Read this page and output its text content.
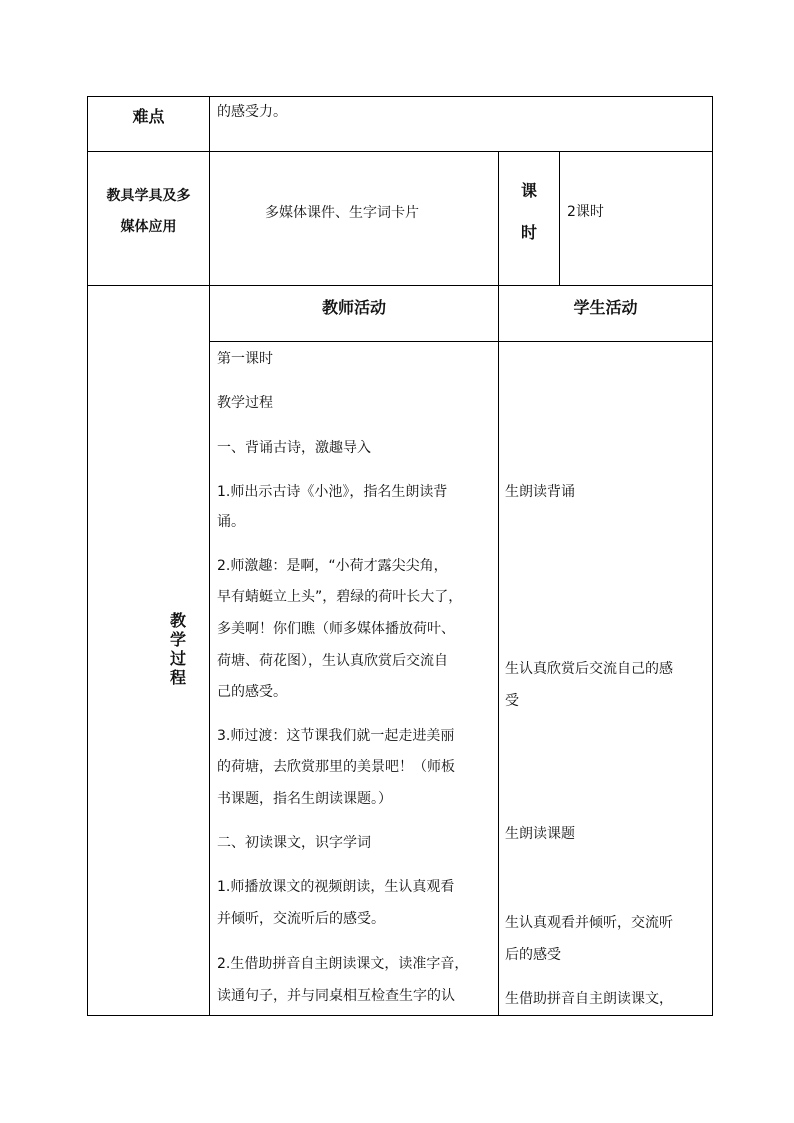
难点	的感受力。
教具学具及多
媒体应用
多媒体课件、生字词卡片
课
时
2课时
教
学
过
程
教师活动	学生活动
第一课时
教学过程
一、背诵古诗，激趣导入
1.师出示古诗《小池》，指名生朗读背
诵。
2.师激趣：是啊，“小荷才露尖尖角，
早有蜻蜓立上头”，碧绿的荷叶长大了，
多美啊！你们瞧（师多媒体播放荷叶、
荷塘、荷花图），生认真欣赏后交流自
己的感受。
3.师过渡：这节课我们就一起走进美丽
的荷塘，去欣赏那里的美景吧！（师板
书课题，指名生朗读课题。）
二、初读课文，识字学词
1.师播放课文的视频朗读，生认真观看
并倾听，交流听后的感受。
2.生借助拼音自主朗读课文，读准字音，
读通句子，并与同桌相互检查生字的认
生朗读背诵
生认真欣赏后交流自己的感
受
生朗读课题
生认真观看并倾听，交流听
后的感受
生借助拼音自主朗读课文，
